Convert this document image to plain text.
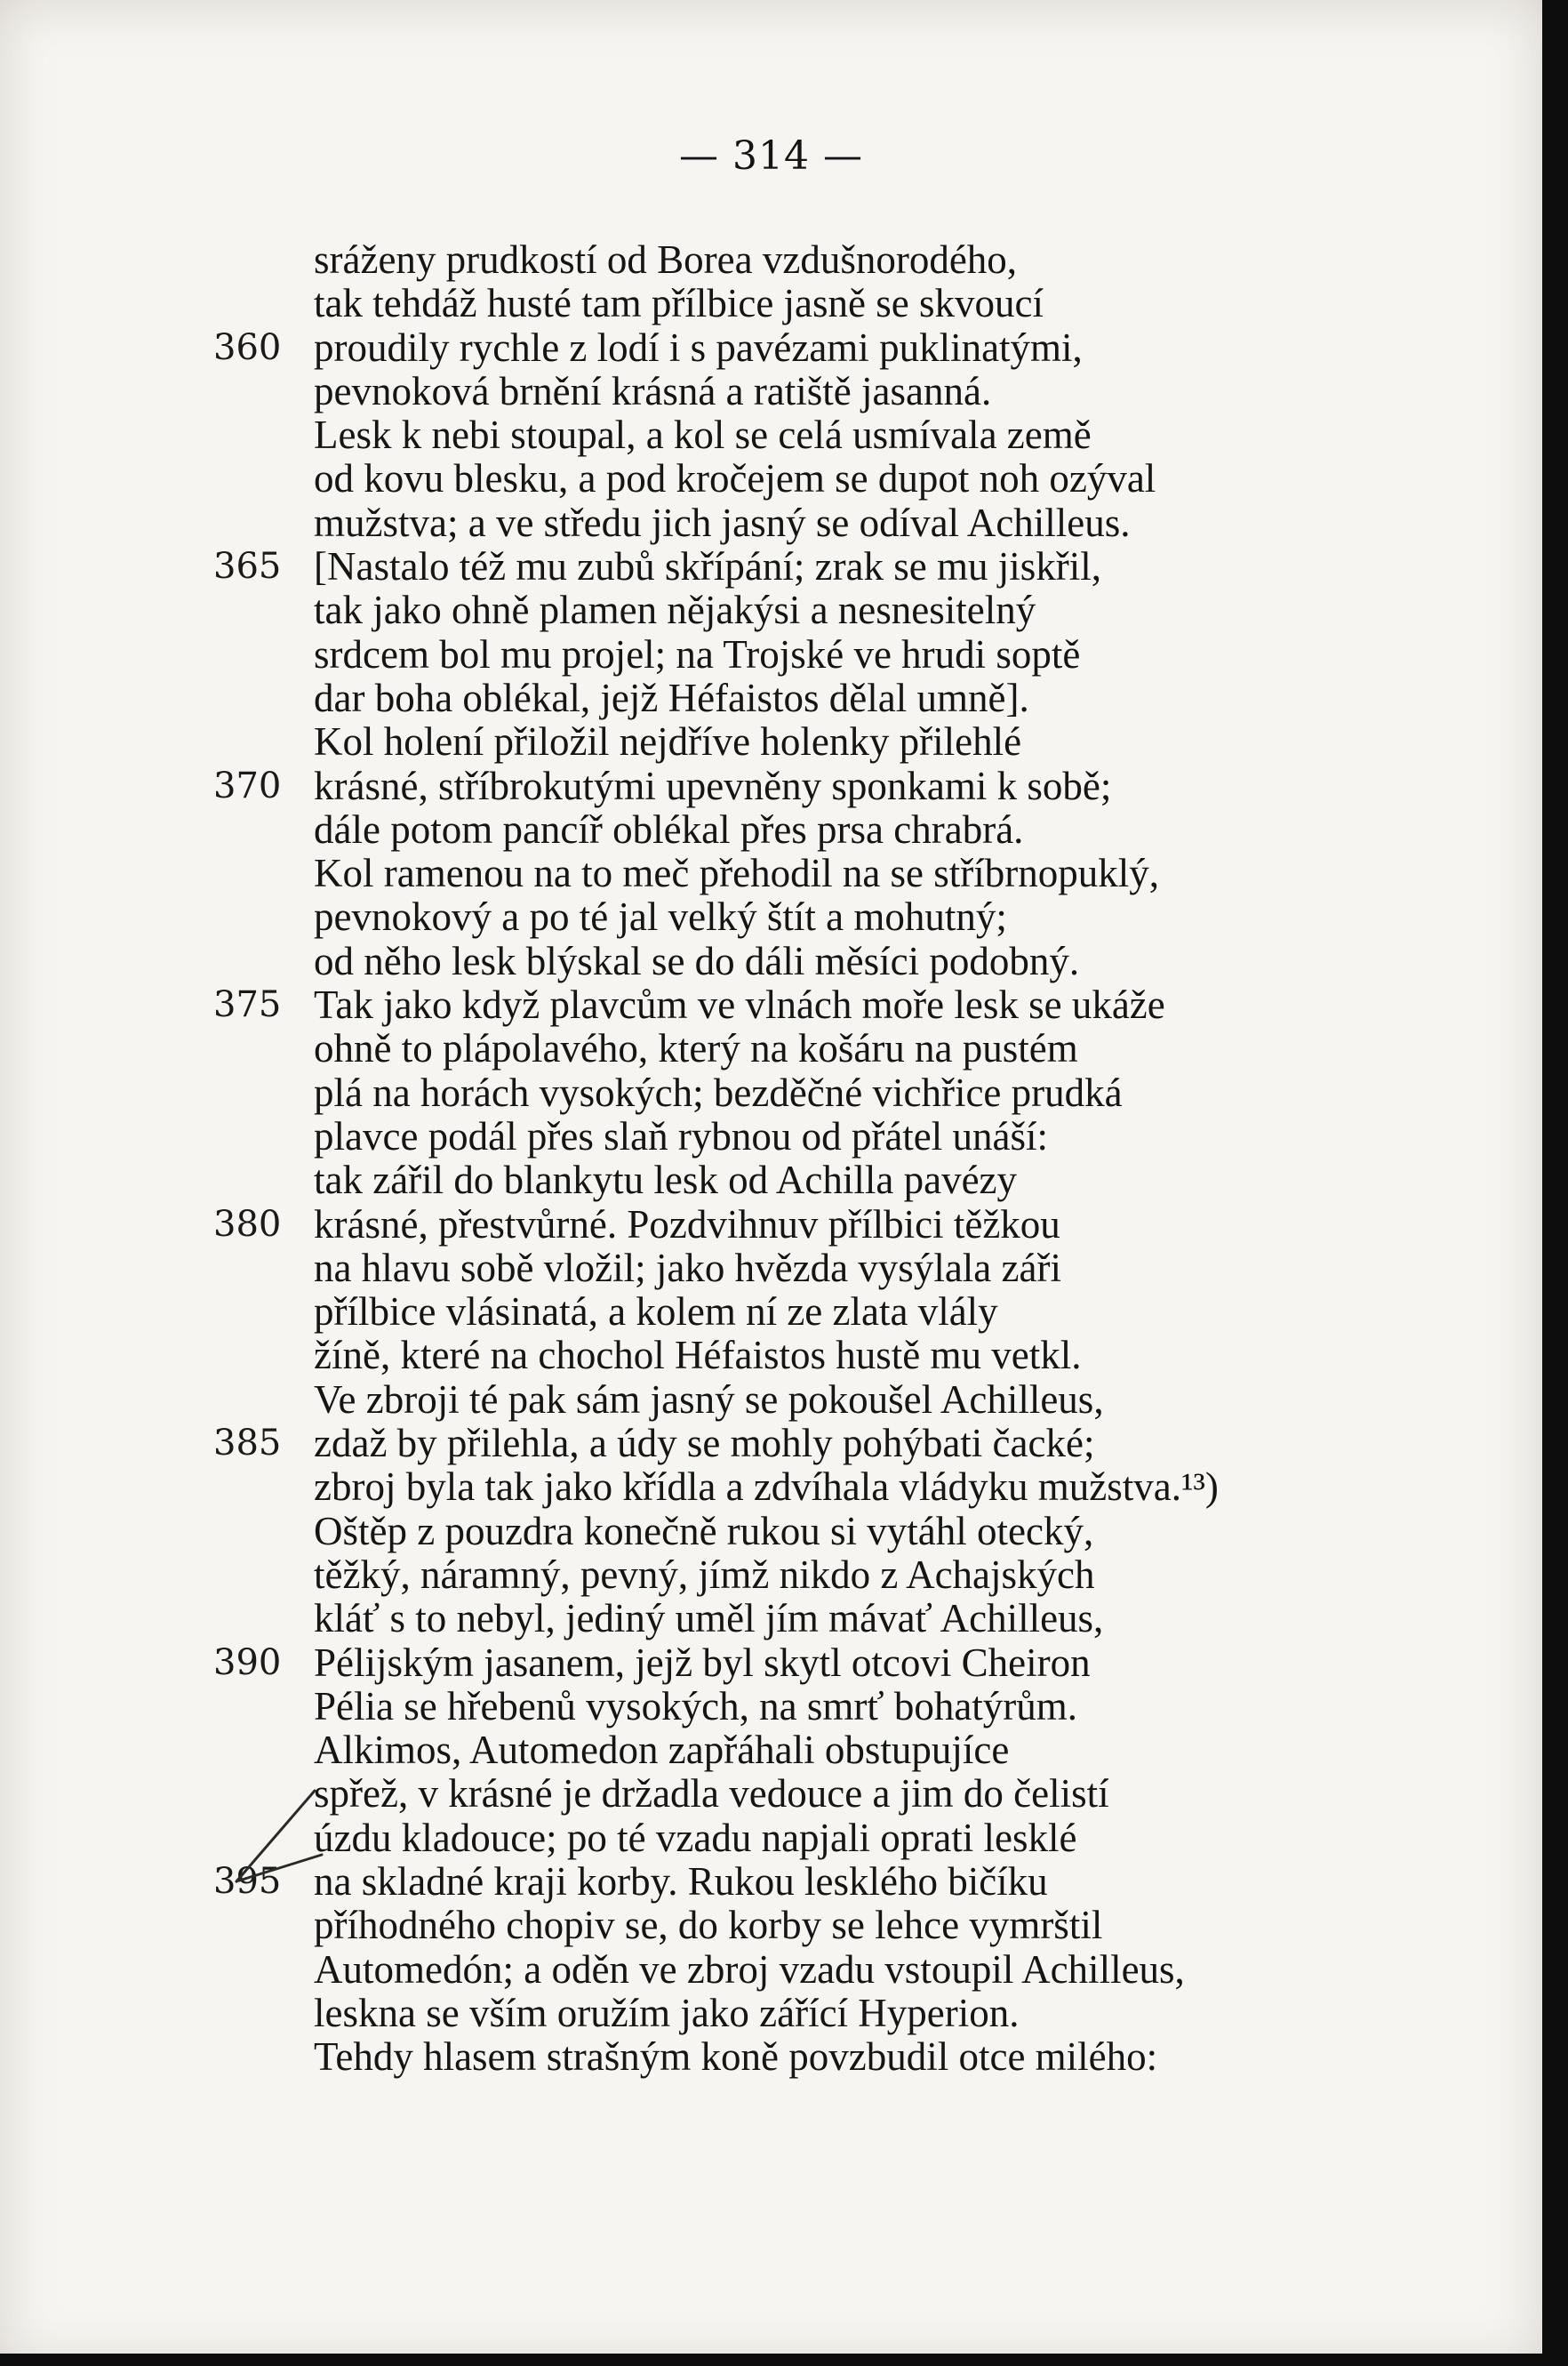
— 314 —
sráženy prudkostí od Borea vzdušnorodého,
tak tehdáž husté tam přílbice jasně se skvoucí
360 proudily rychle z lodí i s pavézami puklinatými,
pevnoková brnění krásná a ratiště jasanná.
Lesk k nebi stoupal, a kol se celá usmívala země
od kovu blesku, a pod kročejem se dupot noh ozýval
mužstva; a ve středu jich jasný se odíval Achilleus.
365 [Nastalo též mu zubů skřípání; zrak se mu jiskřil,
tak jako ohně plamen nějakýsi a nesnesitelný
srdcem bol mu projel; na Trojské ve hrudi soptě
dar boha oblékal, jejž Héfaistos dělal umně].
Kol holení přiložil nejdříve holenky přilehlé
370 krásné, stříbrokutými upevněny sponkami k sobě;
dále potom pancíř oblékal přes prsa chrabrá.
Kol ramenou na to meč přehodil na se stříbrnopuklý,
pevnokový a po té jal velký štít a mohutný;
od něho lesk blýskal se do dáli měsíci podobný.
375 Tak jako když plavcům ve vlnách moře lesk se ukáže
ohně to plápolavého, který na košáru na pustém
plá na horách vysokých; bezděčné vichřice prudká
plavce podál přes slaň rybnou od přátel unáší:
tak zářil do blankytu lesk od Achilla pavézy
380 krásné, přestvůrné. Pozdvihnuv přílbici těžkou
na hlavu sobě vložil; jako hvězda vysýlala záři
přílbice vlásinatá, a kolem ní ze zlata vlály
žíně, které na chochol Héfaistos hustě mu vetkl.
Ve zbroji té pak sám jasný se pokoušel Achilleus,
385 zdaž by přilehla, a údy se mohly pohýbati čacké;
zbroj byla tak jako křídla a zdvíhala vládyku mužstva.¹³)
Oštěp z pouzdra konečně rukou si vytáhl otecký,
těžký, náramný, pevný, jímž nikdo z Achajských
kláť s to nebyl, jediný uměl jím mávať Achilleus,
390 Pélijským jasanem, jejž byl skytl otcovi Cheiron
Pélia se hřebenů vysokých, na smrť bohatýrům.
Alkimos, Automedon zapřáhali obstupujíce
spřež, v krásné je držadla vedouce a jim do čelistí
úzdu kladouce; po té vzadu napjali oprati lesklé
395 na skladné kraji korby. Rukou lesklého bičíku
příhodného chopiv se, do korby se lehce vymrštil
Automedón; a oděn ve zbroj vzadu vstoupil Achilleus,
leskna se vším oružím jako zářící Hyperion.
Tehdy hlasem strašným koně povzbudil otce milého:
